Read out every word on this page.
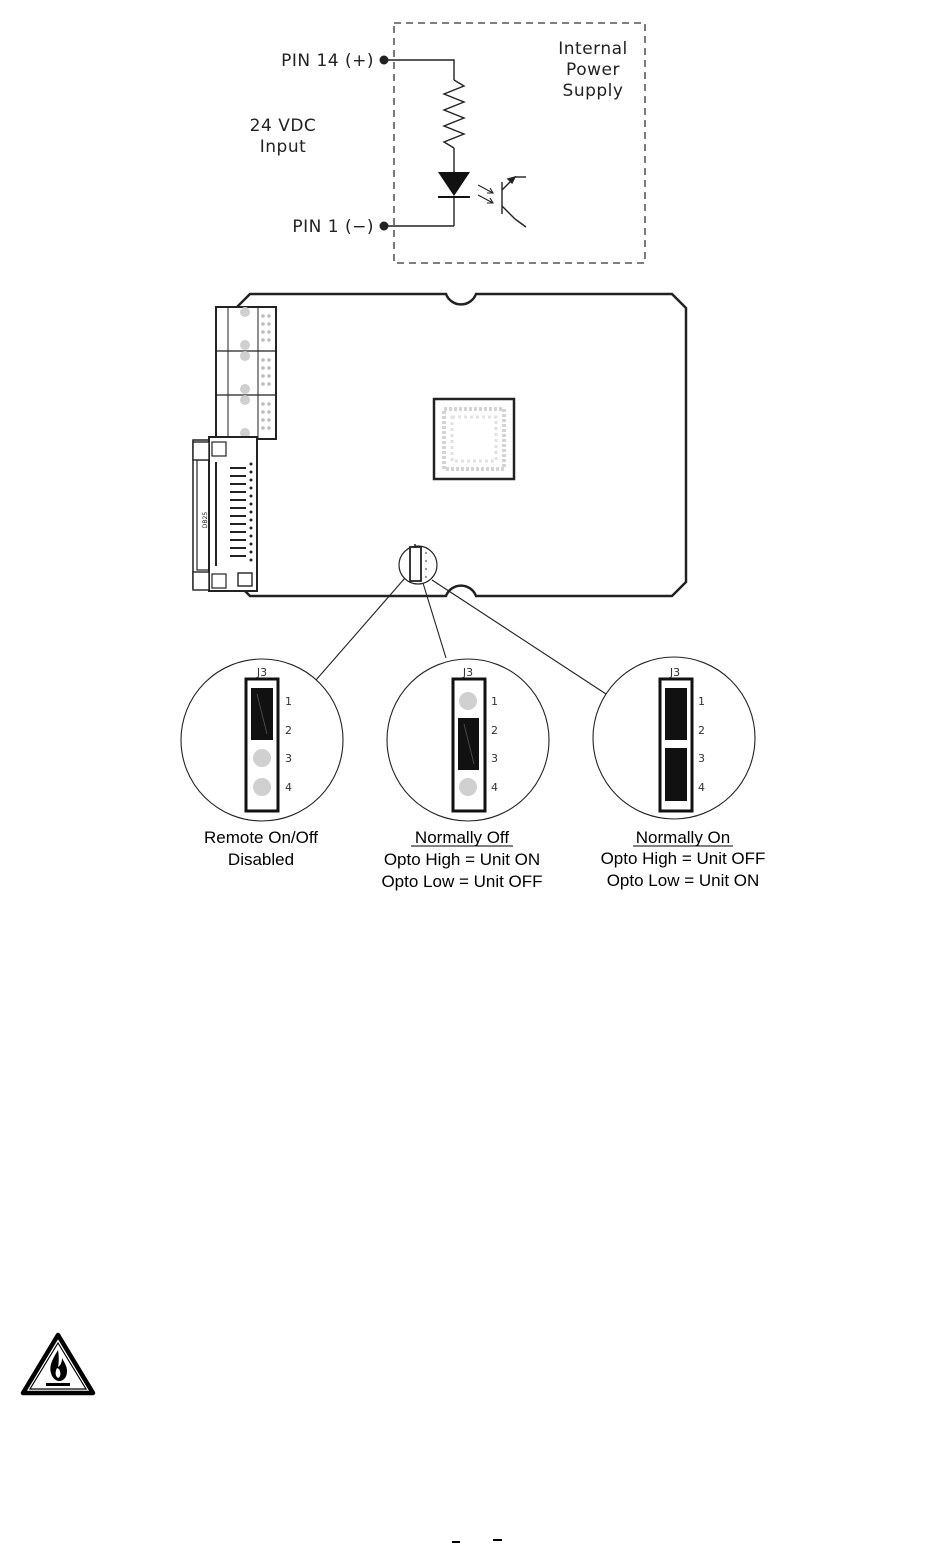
Internal
Power
Supply
PIN 14 (+)
PIN 1 (−)
24 VDC
Input
DB25
J3
1
2
3
4
Remote On/Off
Disabled
J3
1
2
3
4
Normally Off
Opto High = Unit ON
Opto Low = Unit OFF
J3
1
2
3
4
Normally On
Opto High = Unit OFF
Opto Low = Unit ON
